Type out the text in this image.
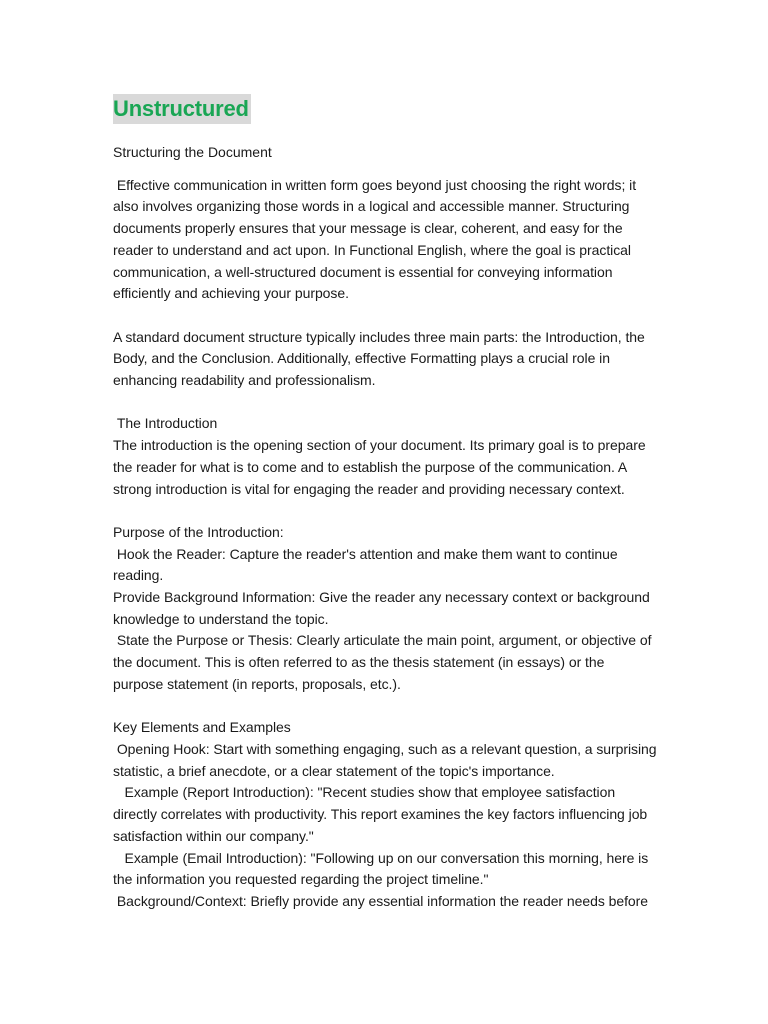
Unstructured
Structuring the Document
Effective communication in written form goes beyond just choosing the right words; it also involves organizing those words in a logical and accessible manner. Structuring documents properly ensures that your message is clear, coherent, and easy for the reader to understand and act upon. In Functional English, where the goal is practical communication, a well-structured document is essential for conveying information efficiently and achieving your purpose.

A standard document structure typically includes three main parts: the Introduction, the Body, and the Conclusion. Additionally, effective Formatting plays a crucial role in enhancing readability and professionalism.

The Introduction
The introduction is the opening section of your document. Its primary goal is to prepare the reader for what is to come and to establish the purpose of the communication. A strong introduction is vital for engaging the reader and providing necessary context.

Purpose of the Introduction:
Hook the Reader: Capture the reader's attention and make them want to continue reading.
Provide Background Information: Give the reader any necessary context or background knowledge to understand the topic.
State the Purpose or Thesis: Clearly articulate the main point, argument, or objective of the document. This is often referred to as the thesis statement (in essays) or the purpose statement (in reports, proposals, etc.).

Key Elements and Examples
Opening Hook: Start with something engaging, such as a relevant question, a surprising statistic, a brief anecdote, or a clear statement of the topic's importance.
Example (Report Introduction): "Recent studies show that employee satisfaction directly correlates with productivity. This report examines the key factors influencing job satisfaction within our company."
Example (Email Introduction): "Following up on our conversation this morning, here is the information you requested regarding the project timeline."
Background/Context: Briefly provide any essential information the reader needs before
